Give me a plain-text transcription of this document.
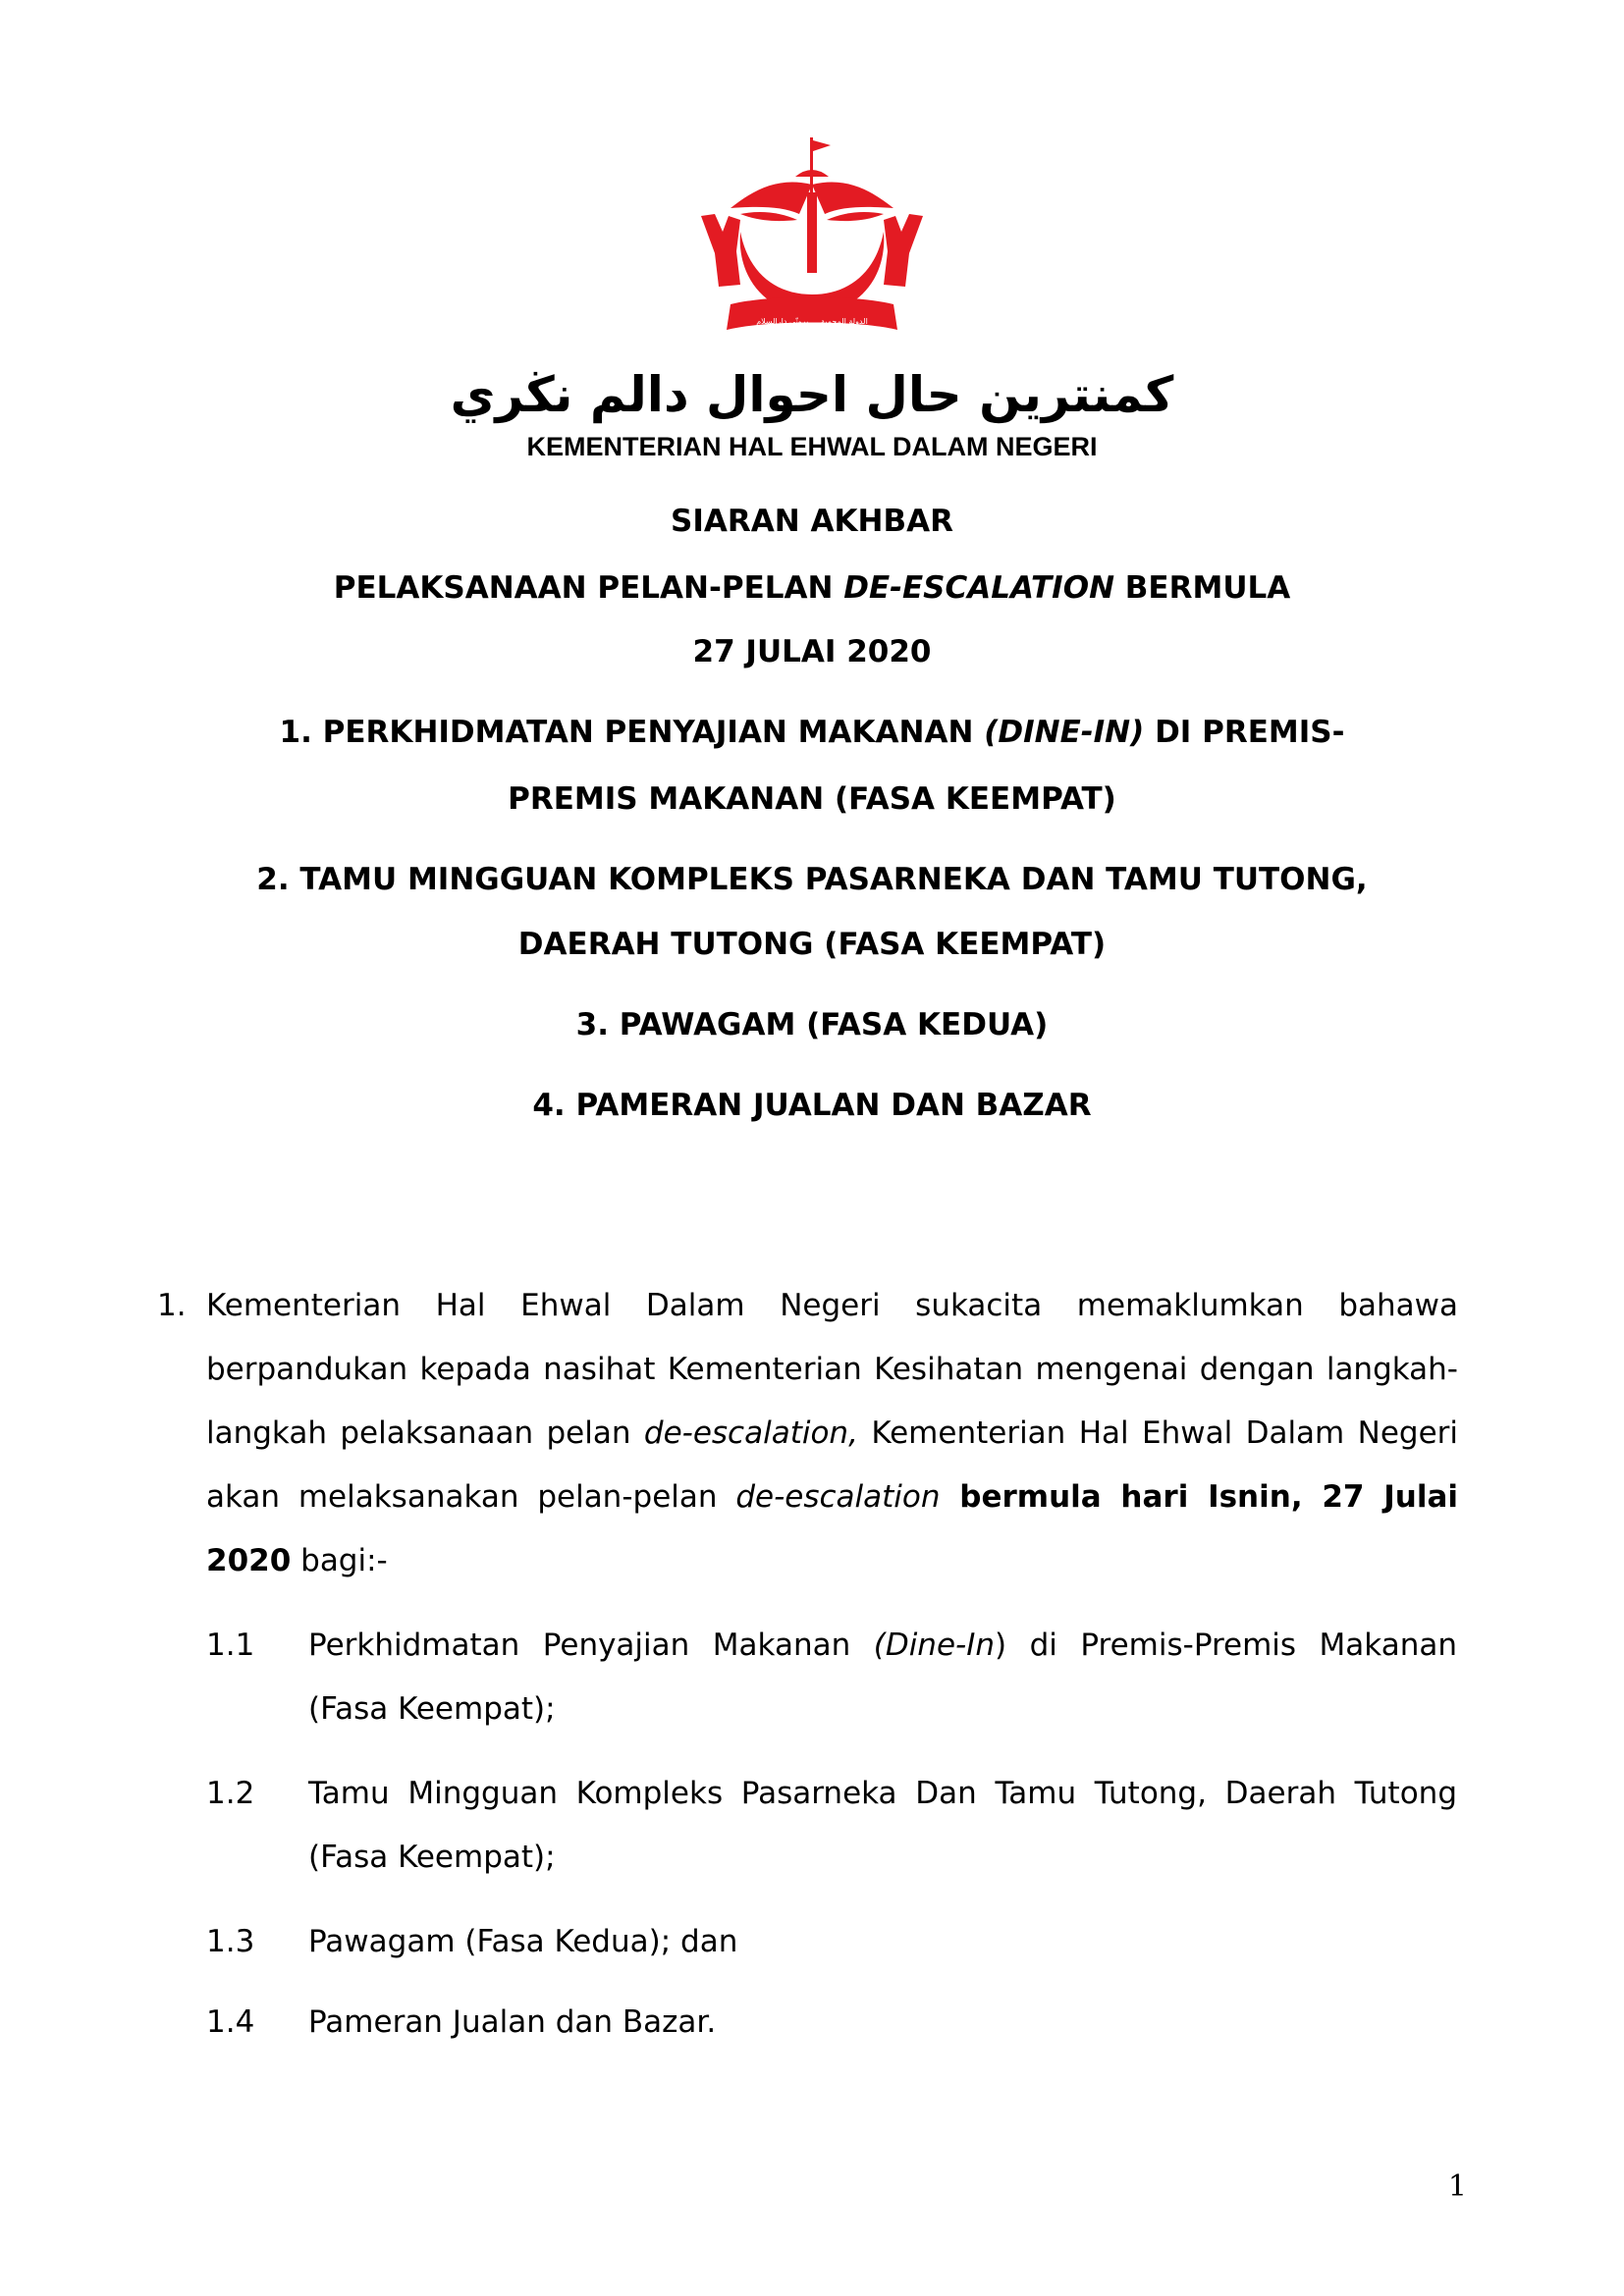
الدولة المحمية ... برونّي دارالسلام
كمنترين حال احوال دالم نڬري
KEMENTERIAN HAL EHWAL DALAM NEGERI
SIARAN AKHBAR
PELAKSANAAN PELAN-PELAN DE-ESCALATION BERMULA
27 JULAI 2020
1. PERKHIDMATAN PENYAJIAN MAKANAN (DINE-IN) DI PREMIS-
PREMIS MAKANAN (FASA KEEMPAT)
2. TAMU MINGGUAN KOMPLEKS PASARNEKA DAN TAMU TUTONG,
DAERAH TUTONG (FASA KEEMPAT)
3. PAWAGAM (FASA KEDUA)
4. PAMERAN JUALAN DAN BAZAR
1. Kementerian Hal Ehwal Dalam Negeri sukacita memaklumkan bahawa berpandukan kepada nasihat Kementerian Kesihatan mengenai dengan langkah-langkah pelaksanaan pelan de-escalation, Kementerian Hal Ehwal Dalam Negeri akan melaksanakan pelan-pelan de-escalation bermula hari Isnin, 27 Julai 2020 bagi:-
1.1 Perkhidmatan Penyajian Makanan (Dine-In) di Premis-Premis Makanan (Fasa Keempat);
1.2 Tamu Mingguan Kompleks Pasarneka Dan Tamu Tutong, Daerah Tutong (Fasa Keempat);
1.3 Pawagam (Fasa Kedua); dan
1.4 Pameran Jualan dan Bazar.
1
